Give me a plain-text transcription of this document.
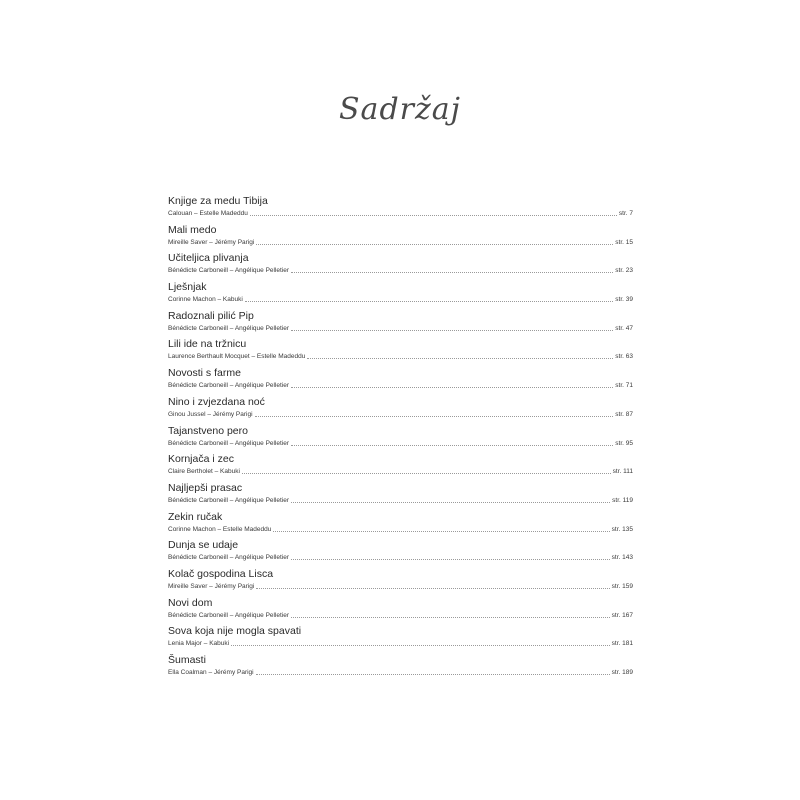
Sadržaj
Knjige za medu Tibija
Calouan – Estelle Madeddu	str. 7
Mali medo
Mireille Saver – Jérémy Parigi	str. 15
Učiteljica plivanja
Bénédicte Carboneill – Angélique Pelletier	str. 23
Lješnjak
Corinne Machon – Kabuki	str. 39
Radoznali pilić Pip
Bénédicte Carboneill – Angélique Pelletier	str. 47
Lili ide na tržnicu
Laurence Berthault Mocquet – Estelle Madeddu	str. 63
Novosti s farme
Bénédicte Carboneill – Angélique Pelletier	str. 71
Nino i zvjezdana noć
Ginou Jussel – Jérémy Parigi	str. 87
Tajanstveno pero
Bénédicte Carboneill – Angélique Pelletier	str. 95
Kornjača i zec
Claire Bertholet – Kabuki	str. 111
Najljepši prasac
Bénédicte Carboneill – Angélique Pelletier	str. 119
Zekin ručak
Corinne Machon – Estelle Madeddu	str. 135
Dunja se udaje
Bénédicte Carboneill – Angélique Pelletier	str. 143
Kolač gospodina Lisca
Mireille Saver – Jérémy Parigi	str. 159
Novi dom
Bénédicte Carboneill – Angélique Pelletier	str. 167
Sova koja nije mogla spavati
Lenia Major – Kabuki	str. 181
Šumasti
Ella Coalman – Jérémy Parigi	str. 189
